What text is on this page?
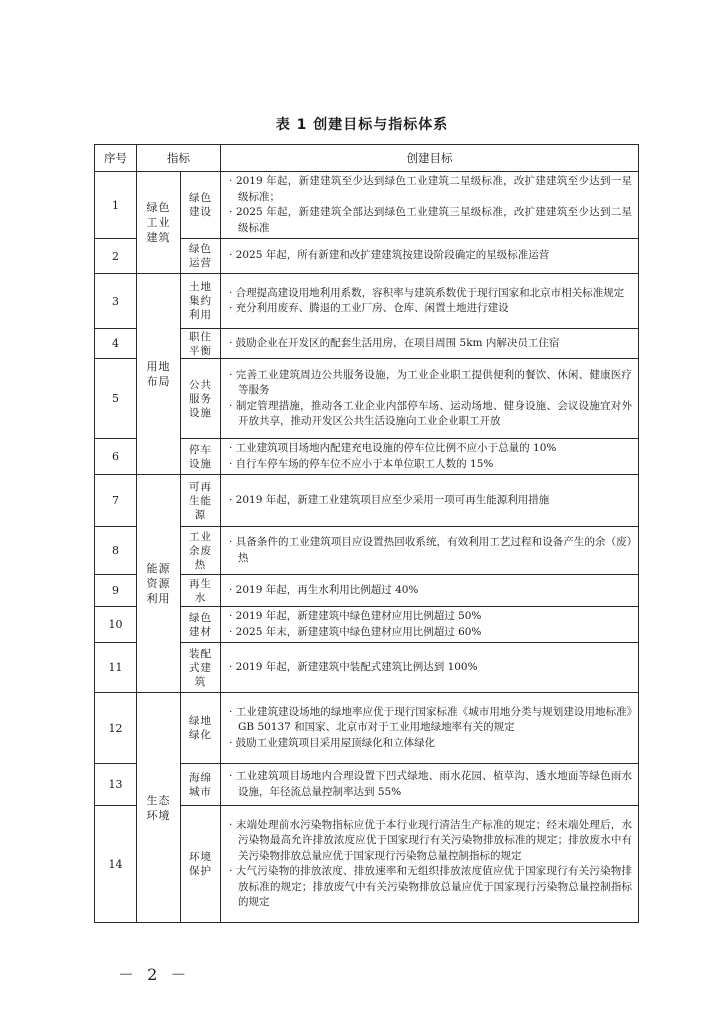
表 1 创建目标与指标体系
序号	指标		创建目标
1	绿色工业建筑	绿色建设	· 2019 年起，新建建筑至少达到绿色工业建筑二星级标准，改扩建建筑至少达到一星级标准；
· 2025 年起，新建建筑全部达到绿色工业建筑三星级标准，改扩建建筑至少达到二星级标准

2		绿色运营	· 2025 年起，所有新建和改扩建建筑按建设阶段确定的星级标准运营

3	用地布局	土地集约利用	· 合理提高建设用地利用系数，容积率与建筑系数优于现行国家和北京市相关标准规定
· 充分利用废弃、腾退的工业厂房、仓库、闲置土地进行建设

4		职住平衡	· 鼓励企业在开发区的配套生活用房，在项目周围 5km 内解决员工住宿

5		公共服务设施	· 完善工业建筑周边公共服务设施，为工业企业职工提供便利的餐饮、休闲、健康医疗等服务
· 制定管理措施，推动各工业企业内部停车场、运动场地、健身设施、会议设施宜对外开放共享，推动开发区公共生活设施向工业企业职工开放

6		停车设施	· 工业建筑项目场地内配建充电设施的停车位比例不应小于总量的 10%
· 自行车停车场的停车位不应小于本单位职工人数的 15%

7	能源资源利用	可再生能源	· 2019 年起，新建工业建筑项目应至少采用一项可再生能源利用措施

8		工业余废热	· 具备条件的工业建筑项目应设置热回收系统，有效利用工艺过程和设备产生的余（废）热

9		再生水	· 2019 年起，再生水利用比例超过 40%

10		绿色建材	· 2019 年起，新建建筑中绿色建材应用比例超过 50%
· 2025 年末，新建建筑中绿色建材应用比例超过 60%

11		装配式建筑	· 2019 年起，新建建筑中装配式建筑比例达到 100%

12	生态环境	绿地绿化	· 工业建筑建设场地的绿地率应优于现行国家标准《城市用地分类与规划建设用地标准》GB 50137 和国家、北京市对于工业用地绿地率有关的规定
· 鼓励工业建筑项目采用屋顶绿化和立体绿化

13		海绵城市	· 工业建筑项目场地内合理设置下凹式绿地、雨水花园、植草沟、透水地面等绿色雨水设施，年径流总量控制率达到 55%

14		环境保护	· 末端处理前水污染物指标应优于本行业现行清洁生产标准的规定；经末端处理后，水污染物最高允许排放浓度应优于国家现行有关污染物排放标准的规定；排放废水中有关污染物排放总量应优于国家现行污染物总量控制指标的规定
· 大气污染物的排放浓度、排放速率和无组织排放浓度值应优于国家现行有关污染物排放标准的规定；排放废气中有关污染物排放总量应优于国家现行污染物总量控制指标的规定
－ 2 －
